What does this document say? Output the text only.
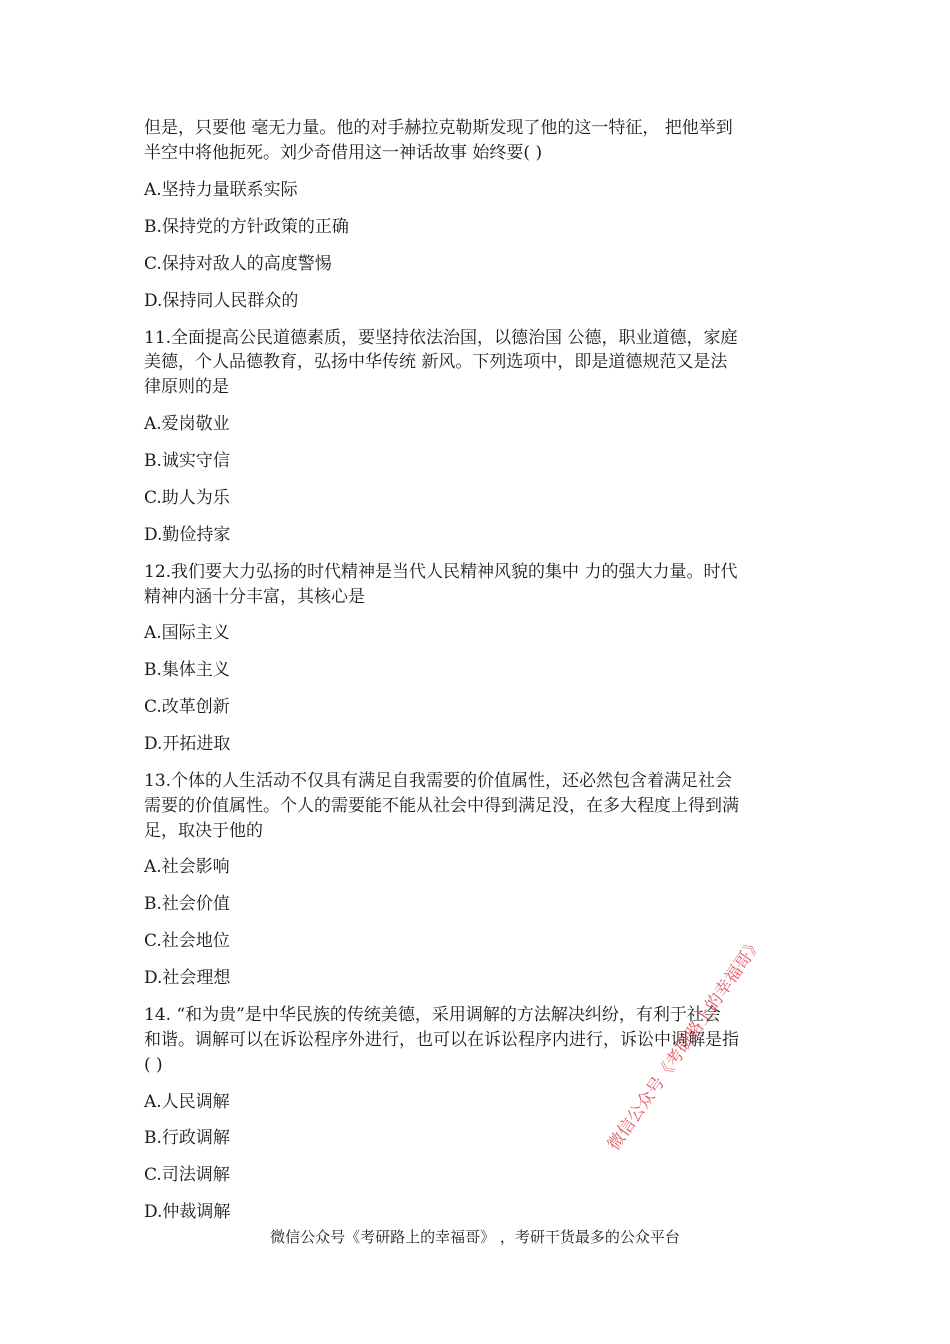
但是，只要他 毫无力量。他的对手赫拉克勒斯发现了他的这一特征， 把他举到

半空中将他扼死。刘少奇借用这一神话故事 始终要( )

A.坚持力量联系实际

B.保持党的方针政策的正确

C.保持对敌人的高度警惕

D.保持同人民群众的

11.全面提高公民道德素质，要坚持依法治国，以德治国 公德，职业道德，家庭

美德，个人品德教育，弘扬中华传统 新风。下列选项中，即是道德规范又是法

律原则的是

A.爱岗敬业

B.诚实守信

C.助人为乐

D.勤俭持家

12.我们要大力弘扬的时代精神是当代人民精神风貌的集中 力的强大力量。时代

精神内涵十分丰富，其核心是

A.国际主义

B.集体主义

C.改革创新

D.开拓进取

13.个体的人生活动不仅具有满足自我需要的价值属性，还必然包含着满足社会

需要的价值属性。个人的需要能不能从社会中得到满足没，在多大程度上得到满

足，取决于他的

A.社会影响

B.社会价值

C.社会地位

D.社会理想

14. “和为贵”是中华民族的传统美德，采用调解的方法解决纠纷，有利于社会

和谐。调解可以在诉讼程序外进行，也可以在诉讼程序内进行，诉讼中调解是指

( )

A.人民调解

B.行政调解

C.司法调解

D.仲裁调解

微信公众号《考研路上的幸福哥》
微信公众号《考研路上的幸福哥》 ，考研干货最多的公众平台
